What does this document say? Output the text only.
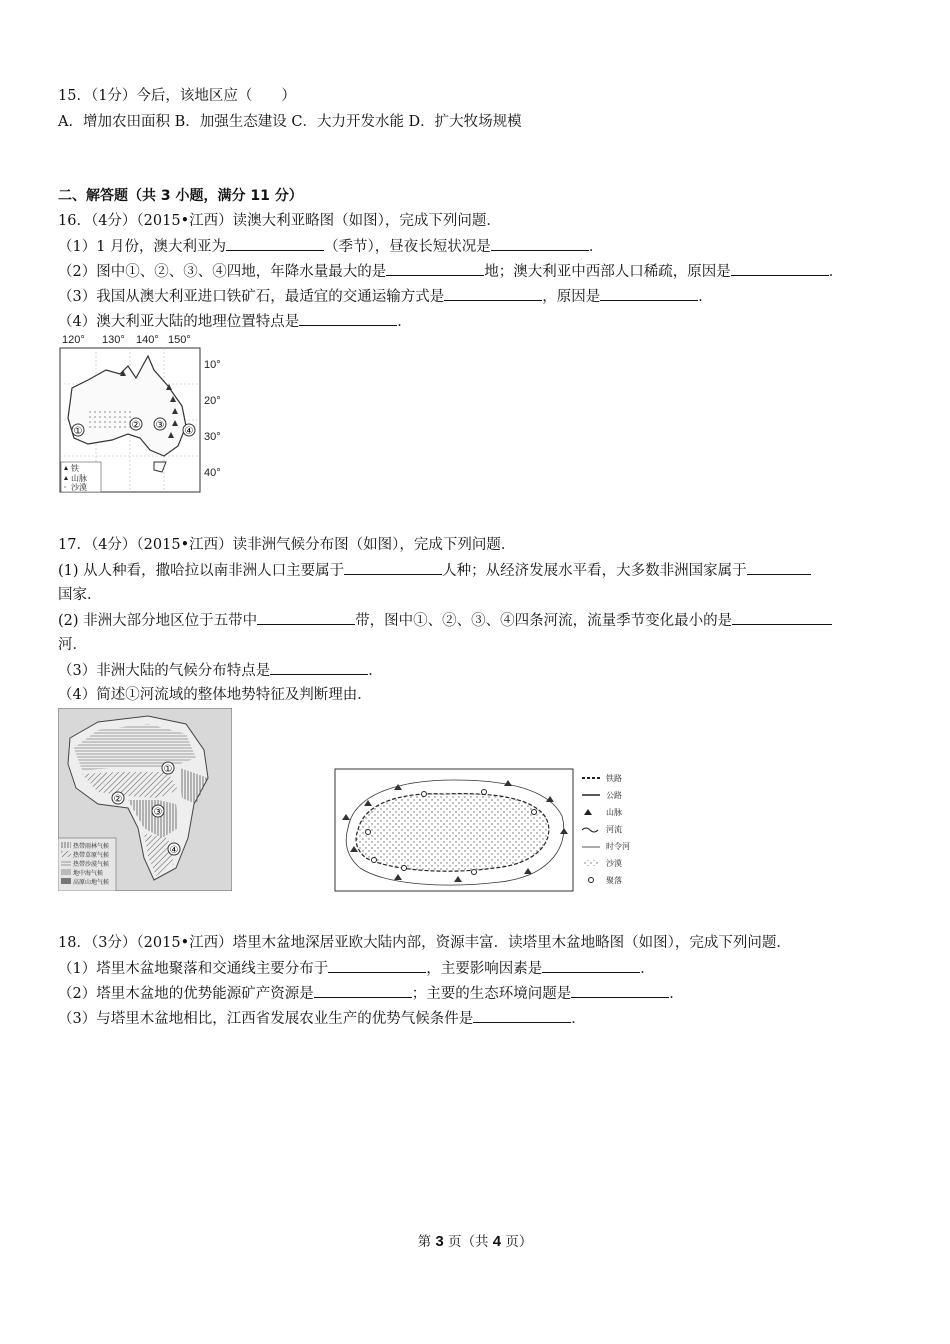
15．（1分）今后，该地区应（　　）
A．增加农田面积 B．加强生态建设 C．大力开发水能 D．扩大牧场规模
二、解答题（共 3 小题，满分 11 分）
16．（4分）（2015•江西）读澳大利亚略图（如图），完成下列问题．
（1）1 月份，澳大利亚为	（季节），昼夜长短状况是	．
（2）图中①、②、③、④四地，年降水量最大的是	地；澳大利亚中西部人口稀疏，原因是	．
（3）我国从澳大利亚进口铁矿石，最适宜的交通运输方式是	，原因是	．
（4）澳大利亚大陆的地理位置特点是	．
120° 130° 140° 150°
10°
20°
30°
40°
①
② ③
④
铁
山脉
沙漠
17．（4分）（2015•江西）读非洲气候分布图（如图），完成下列问题．
(1) 从人种看，撒哈拉以南非洲人口主要属于	人种；从经济发展水平看，大多数非洲国家属于
国家．
(2) 非洲大部分地区位于五带中	带，图中①、②、③、④四条河流，流量季节变化最小的是
河．
（3）非洲大陆的气候分布特点是	．
（4）简述①河流域的整体地势特征及判断理由．
①
②
③
④
热带雨林气候
热带草原气候
热带沙漠气候
地中海气候
高原山地气候
铁路
公路
山脉
河流
时令河
沙漠
聚落
18．（3分）（2015•江西）塔里木盆地深居亚欧大陆内部，资源丰富．读塔里木盆地略图（如图），完成下列问题．
（1）塔里木盆地聚落和交通线主要分布于	，主要影响因素是	．
（2）塔里木盆地的优势能源矿产资源是	；主要的生态环境问题是	．
（3）与塔里木盆地相比，江西省发展农业生产的优势气候条件是	．
第 3 页（共 4 页）
